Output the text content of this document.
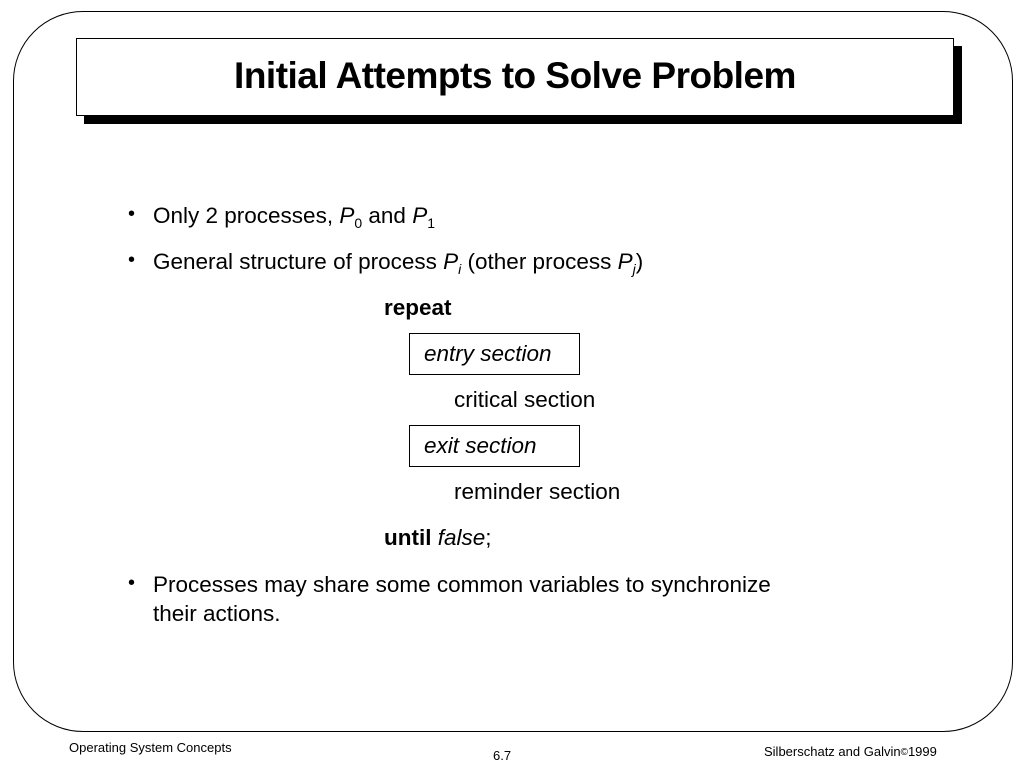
Initial Attempts to Solve Problem
• Only 2 processes, $P_0$ and $P_1$
• General structure of process $P_i$ (other process $P_j$)
repeat
entry section
critical section
exit section
reminder section
until false;
• Processes may share some common variables to synchronize
their actions.
Operating System Concepts
6.7	Silberschatz and Galvin©1999
